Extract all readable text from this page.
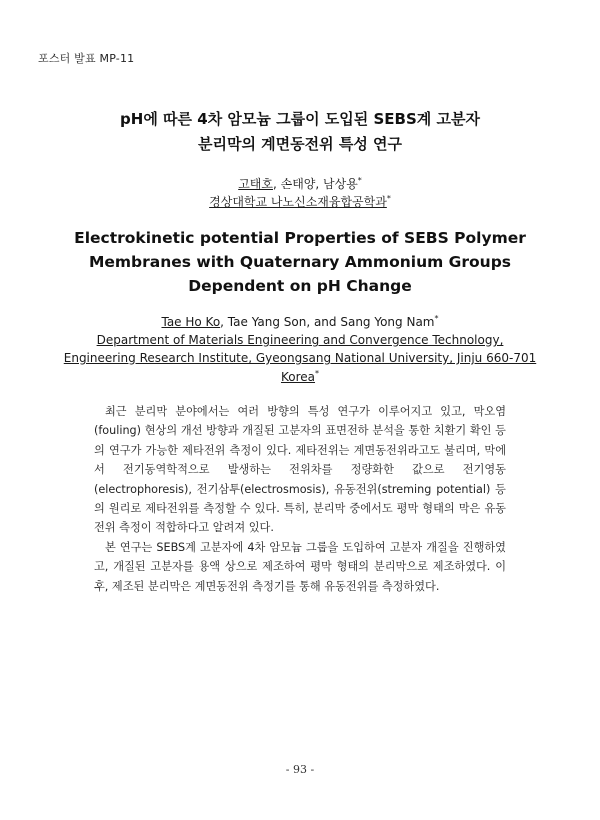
포스터 발표 MP-11
pH에 따른 4차 암모늄 그룹이 도입된 SEBS계 고분자
분리막의 계면동전위 특성 연구
고태호, 손태양, 남상용*
경상대학교 나노신소재융합공학과*
Electrokinetic potential Properties of SEBS Polymer
Membranes with Quaternary Ammonium Groups
Dependent on pH Change
Tae Ho Ko, Tae Yang Son, and Sang Yong Nam*
Department of Materials Engineering and Convergence Technology,
Engineering Research Institute, Gyeongsang National University, Jinju 660-701
Korea*

최근 분리막 분야에서는 여러 방향의 특성 연구가 이루어지고 있고, 막오염(fouling) 현상의 개선 방향과 개질된 고분자의 표면전하 분석을 통한 치환기 확인 등의 연구가 가능한 제타전위 측정이 있다. 제타전위는 계면동전위라고도 불리며, 막에서 전기동역학적으로 발생하는 전위차를 정량화한 값으로 전기영동(electrophoresis), 전기삼투(electrosmosis), 유동전위(streming potential) 등의 원리로 제타전위를 측정할 수 있다. 특히, 분리막 중에서도 평막 형태의 막은 유동전위 측정이 적합하다고 알려져 있다.

본 연구는 SEBS계 고분자에 4차 암모늄 그룹을 도입하여 고분자 개질을 진행하였고, 개질된 고분자를 용액 상으로 제조하여 평막 형태의 분리막으로 제조하였다. 이후, 제조된 분리막은 계면동전위 측정기를 통해 유동전위를 측정하였다.

- 93 -
